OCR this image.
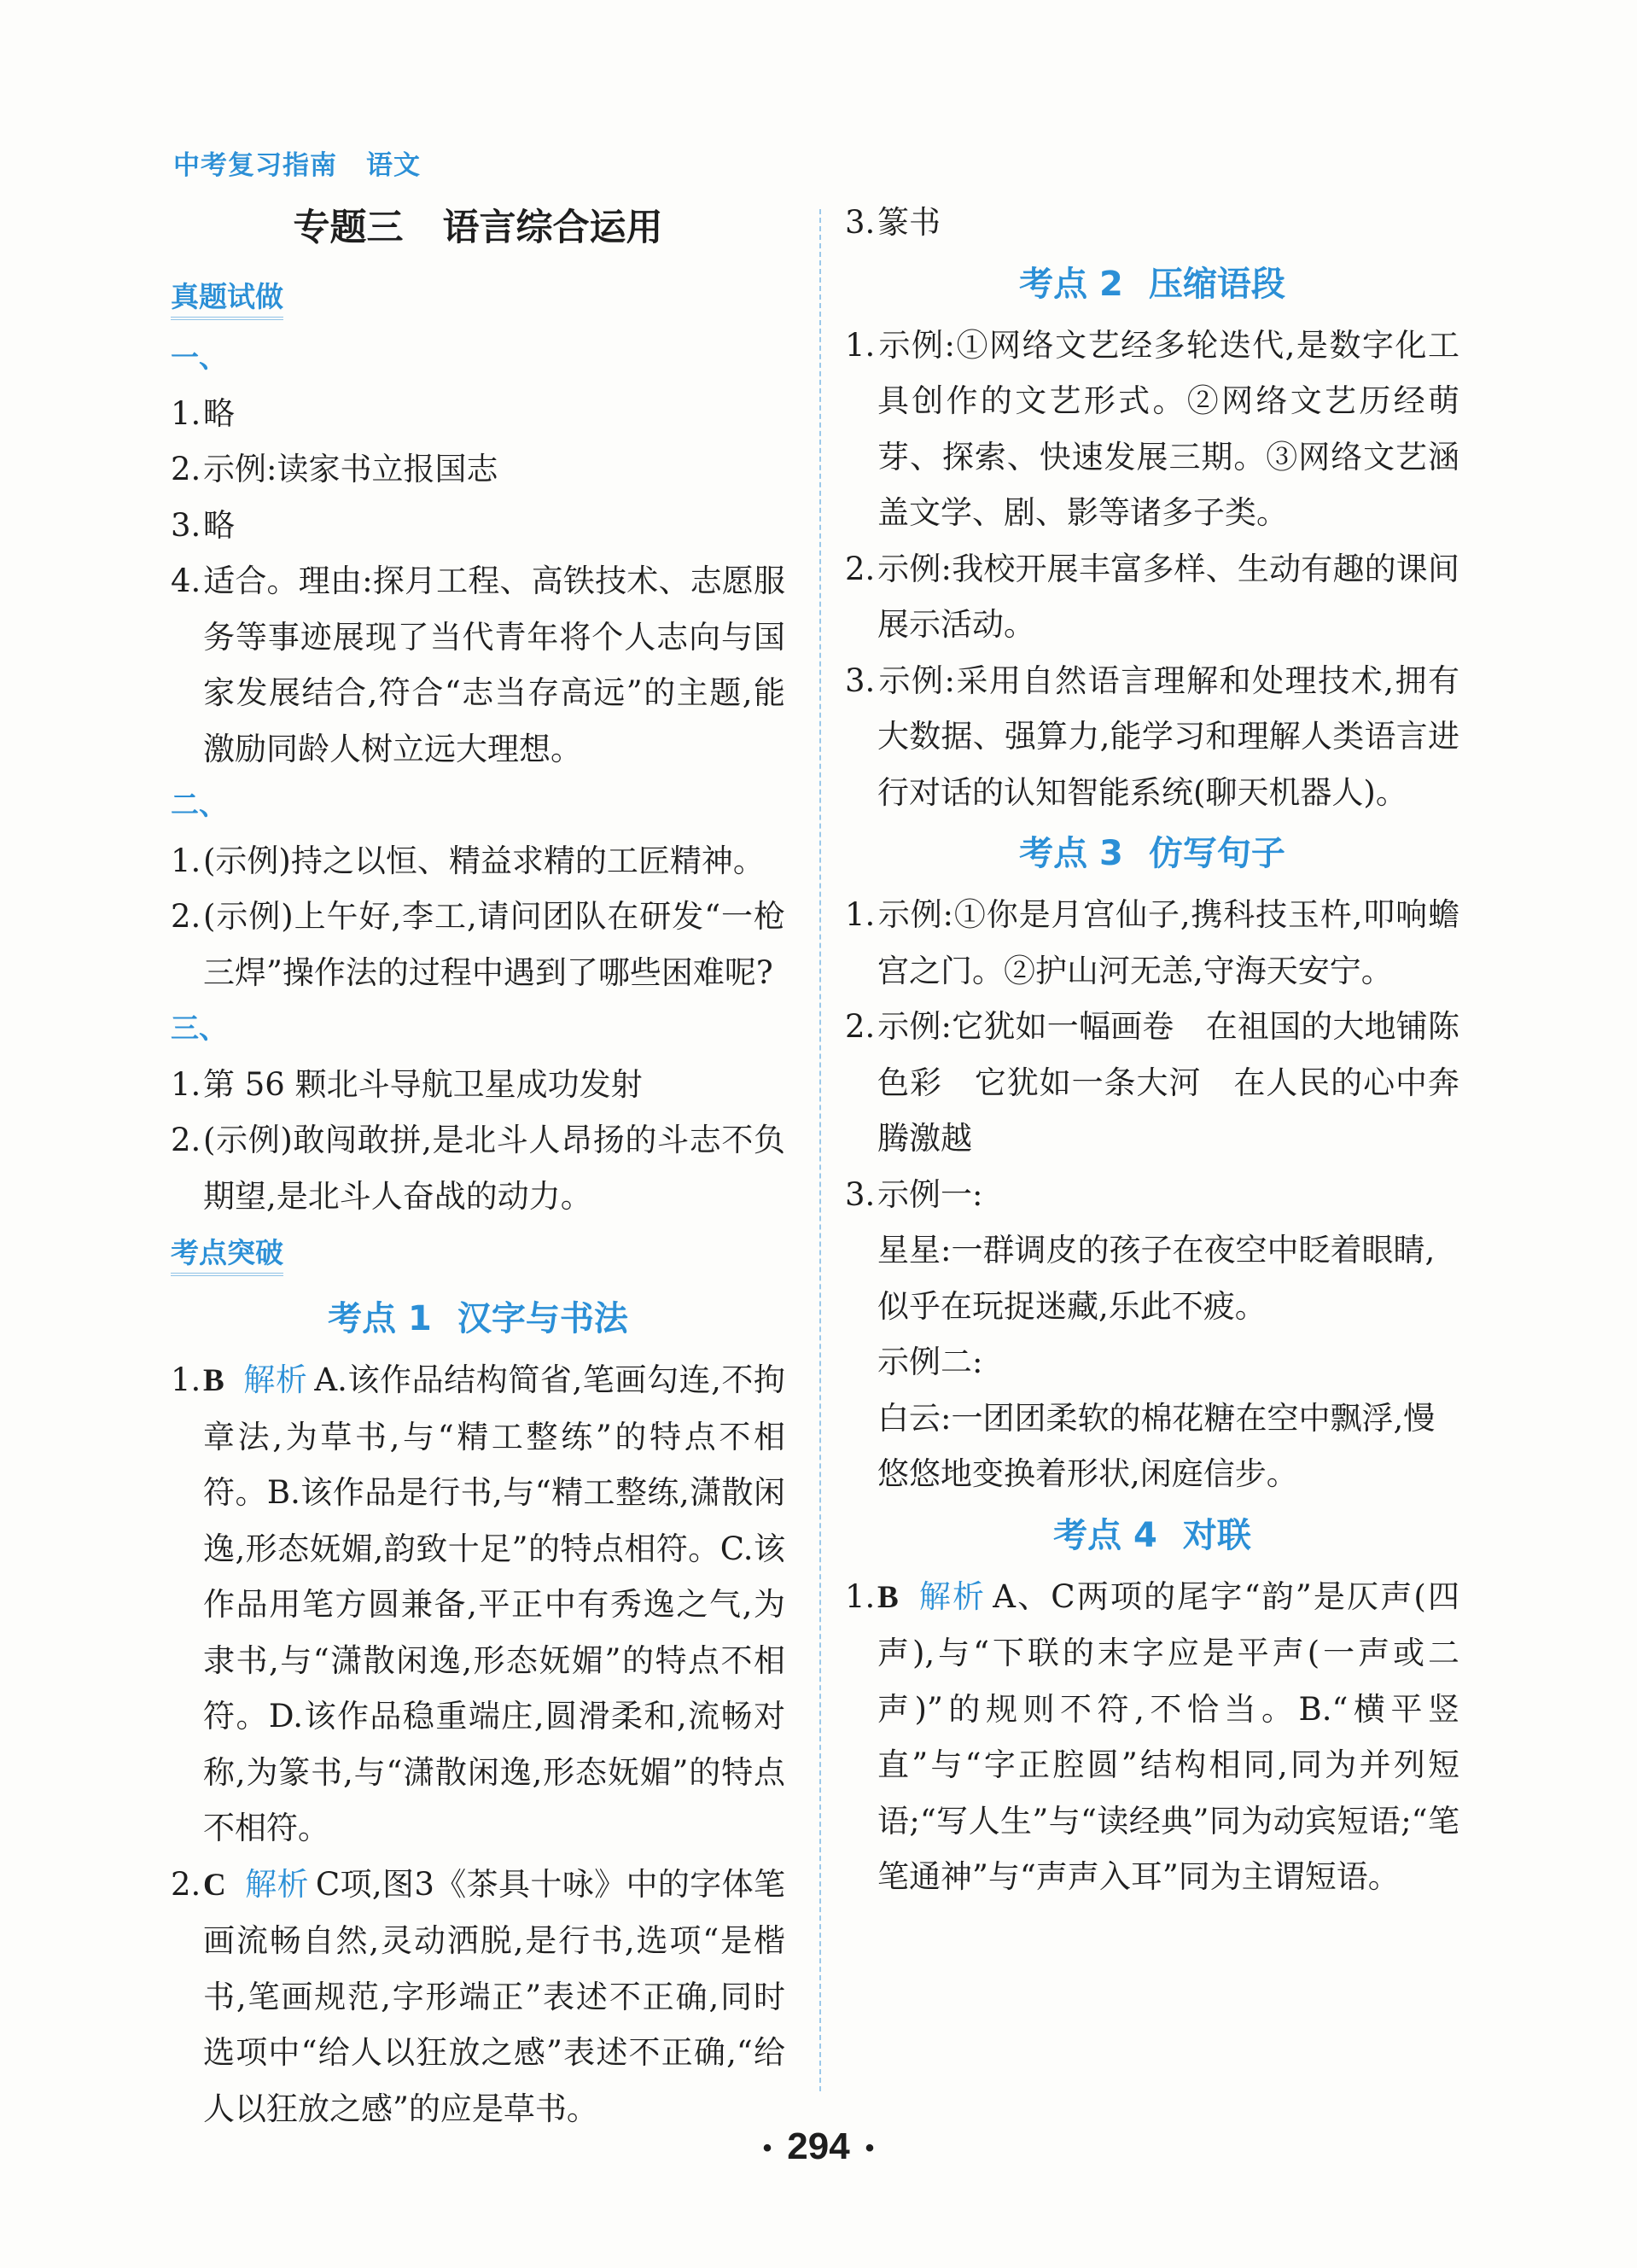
中考复习指南 语文
专题三 语言综合运用
真题试做
一、
1.略
2.示例:读家书立报国志
3.略
4.适合。理由:探月工程、高铁技术、志愿服务等事迹展现了当代青年将个人志向与国家发展结合,符合“志当存高远”的主题,能激励同龄人树立远大理想。
二、
1.(示例)持之以恒、精益求精的工匠精神。
2.(示例)上午好,李工,请问团队在研发“一枪三焊”操作法的过程中遇到了哪些困难呢?
三、
1.第 56 颗北斗导航卫星成功发射
2.(示例)敢闯敢拼,是北斗人昂扬的斗志不负期望,是北斗人奋战的动力。
考点突破
考点 1 汉字与书法
1.B 解析 A.该作品结构简省,笔画勾连,不拘章法,为草书,与“精工整练”的特点不相符。B.该作品是行书,与“精工整练,潇散闲逸,形态妩媚,韵致十足”的特点相符。C.该作品用笔方圆兼备,平正中有秀逸之气,为隶书,与“潇散闲逸,形态妩媚”的特点不相符。D.该作品稳重端庄,圆滑柔和,流畅对称,为篆书,与“潇散闲逸,形态妩媚”的特点不相符。
2.C 解析 C项,图3《茶具十咏》中的字体笔画流畅自然,灵动洒脱,是行书,选项“是楷书,笔画规范,字形端正”表述不正确,同时选项中“给人以狂放之感”表述不正确,“给人以狂放之感”的应是草书。
3.篆书
考点 2 压缩语段
1.示例:①网络文艺经多轮迭代,是数字化工具创作的文艺形式。②网络文艺历经萌芽、探索、快速发展三期。③网络文艺涵盖文学、剧、影等诸多子类。
2.示例:我校开展丰富多样、生动有趣的课间展示活动。
3.示例:采用自然语言理解和处理技术,拥有大数据、强算力,能学习和理解人类语言进行对话的认知智能系统(聊天机器人)。
考点 3 仿写句子
1.示例:①你是月宫仙子,携科技玉杵,叩响蟾宫之门。②护山河无恙,守海天安宁。
2.示例:它犹如一幅画卷　在祖国的大地铺陈色彩　它犹如一条大河　在人民的心中奔腾激越
3.示例一:
星星:一群调皮的孩子在夜空中眨着眼睛,似乎在玩捉迷藏,乐此不疲。
示例二:
白云:一团团柔软的棉花糖在空中飘浮,慢悠悠地变换着形状,闲庭信步。
考点 4 对联
1.B 解析 A、C两项的尾字“韵”是仄声(四声),与“下联的末字应是平声(一声或二声)”的规则不符,不恰当。B.“横平竖直”与“字正腔圆”结构相同,同为并列短语;“写人生”与“读经典”同为动宾短语;“笔笔通神”与“声声入耳”同为主谓短语。
• 294 •
